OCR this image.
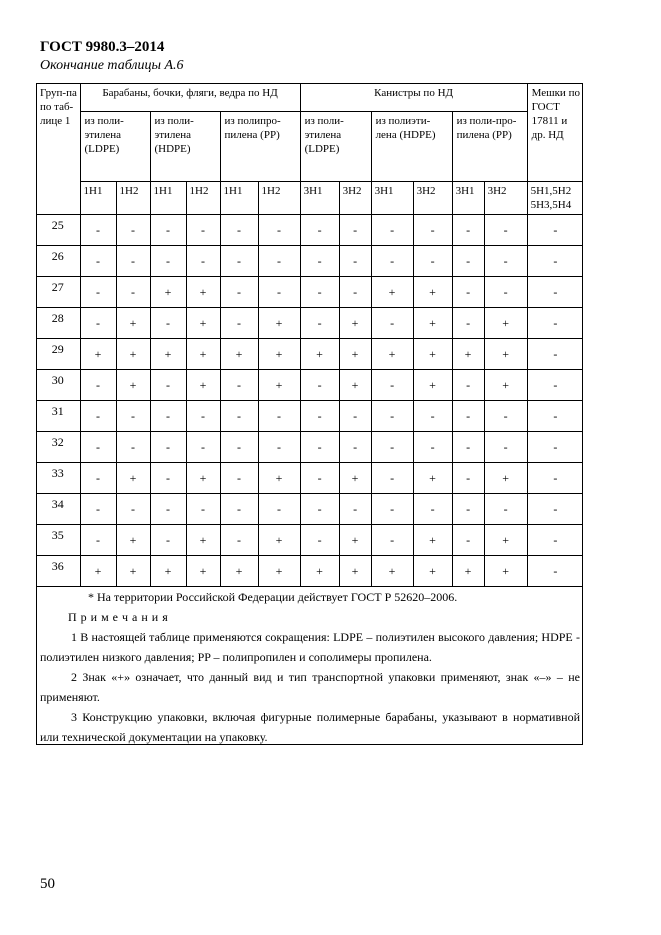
ГОСТ 9980.3–2014
Окончание таблицы А.6
Груп-па по таб-лице 1	Барабаны, бочки, фляги, ведра по НД						Канистры по НД						Мешки по ГОСТ 17811 и др. НД
	из поли-этилена (LDPE)		из поли-этилена (HDPE)		из полипро-пилена (PP)		из поли-этилена (LDPE)		из полиэти-лена (HDPE)		из поли-про-пилена (PP)		
	1Н1	1Н2	1Н1	1Н2	1Н1	1Н2	3Н1	3Н2	3Н1	3Н2	3Н1	3Н2	5Н1,5Н2 5Н3,5Н4
25	-	-	-	-	-	-	-	-	-	-	-	-	-
26	-	-	-	-	-	-	-	-	-	-	-	-	-
27	-	-	+	+	-	-	-	-	+	+	-	-	-
28	-	+	-	+	-	+	-	+	-	+	-	+	-
29	+	+	+	+	+	+	+	+	+	+	+	+	-
30	-	+	-	+	-	+	-	+	-	+	-	+	-
31	-	-	-	-	-	-	-	-	-	-	-	-	-
32	-	-	-	-	-	-	-	-	-	-	-	-	-
33	-	+	-	+	-	+	-	+	-	+	-	+	-
34	-	-	-	-	-	-	-	-	-	-	-	-	-
35	-	+	-	+	-	+	-	+	-	+	-	+	-
36	+	+	+	+	+	+	+	+	+	+	+	+	-

* На территории Российской Федерации действует ГОСТ Р 52620–2006.

П р и м е ч а н и я

1 В настоящей таблице применяются сокращения: LDPE – полиэтилен высокого давления; HDPE - полиэтилен низкого давления; PP – полипропилен и сополимеры пропилена.

2 Знак «+» означает, что данный вид и тип транспортной упаковки применяют, знак «–» – не применяют.

3 Конструкцию упаковки, включая фигурные полимерные барабаны, указывают в нормативной или технической документации на упаковку.

50
